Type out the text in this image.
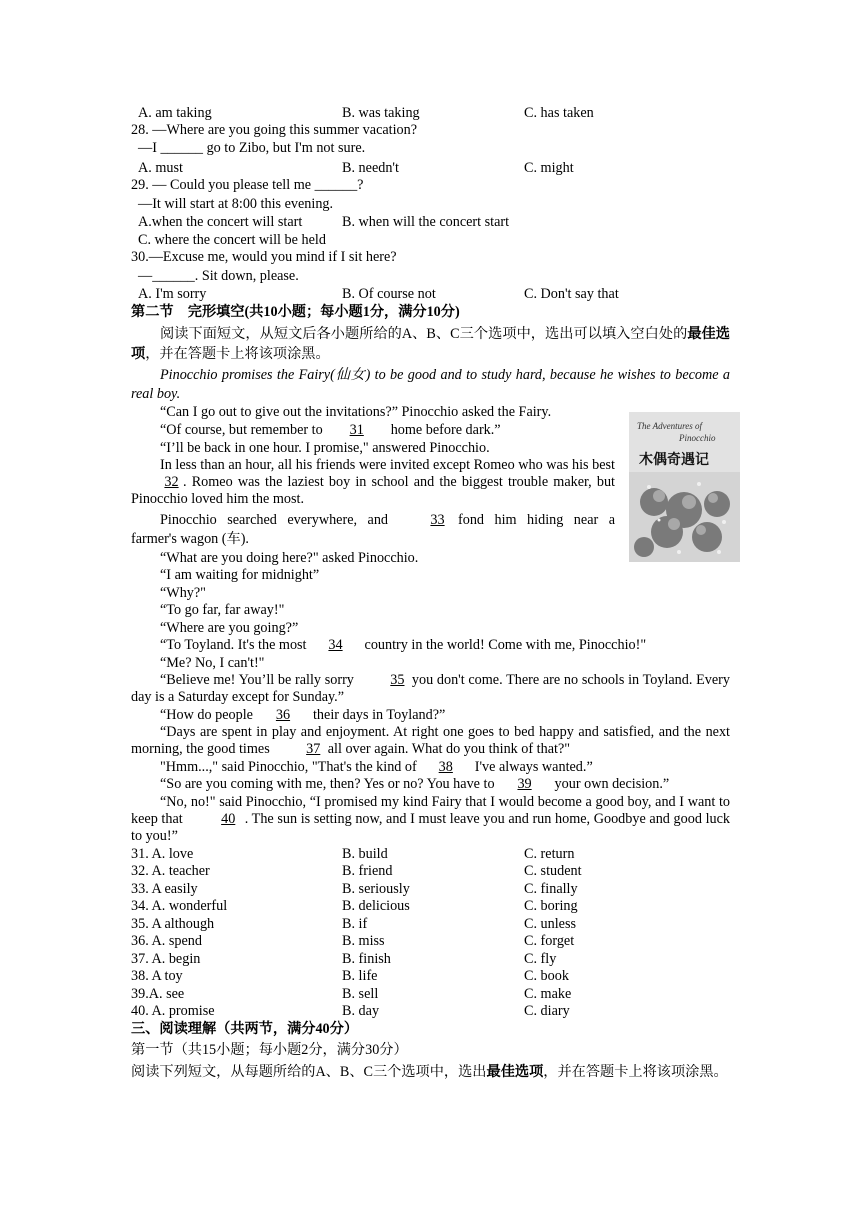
A. am taking	B. was taking	C. has taken
28. —Where are you going this summer vacation?
—I ______ go to Zibo, but I'm not sure.
A. must	B. needn't	C. might
29. — Could you please tell me ______?
—It will start at 8:00 this evening.
A.when the concert will start	B. when will the concert start
C. where the concert will be held
30.—Excuse me, would you mind if I sit here?
—______. Sit down, please.
A. I'm sorry	B. Of course not	C. Don't say that
第二节　完形填空(共10小题；每小题1分，满分10分)
阅读下面短文，从短文后各小题所给的A、B、C三个选项中，选出可以填入空白处的最佳选项，并在答题卡上将该项涂黑。
Pinocchio promises the Fairy(仙女) to be good and to study hard, because he wishes to become a real boy.
“Can I go out to give out the invitations?” Pinocchio asked the Fairy.
“Of course, but remember to 31 home before dark.”
“I’ll be back in one hour. I promise," answered Pinocchio.
In less than an hour, all his friends were invited except Romeo who was his best32 . Romeo was the laziest boy in school and the biggest trouble maker, but Pinocchio loved him the most.
Pinocchio searched everywhere, and	33 fond him hiding near a farmer's wagon (车).
The Adventures of
Pinocchio
木偶奇遇记
“What are you doing here?" asked Pinocchio.
“I am waiting for midnight”
“Why?"
“To go far, far away!"
“Where are you going?”
“To Toyland. It's the most 34 country in the world! Come with me, Pinocchio!"
“Me? No, I can't!"
“Believe me! You’ll be rally sorry	35 you don't come. There are no schools in Toyland. Every day is a Saturday except for Sunday.”
“How do people 36 their days in Toyland?”
“Days are spent in play and enjoyment. At right one goes to bed happy and satisfied, and the next morning, the good times	37 all over again. What do you think of that?"
"Hmm...," said Pinocchio, "That's the kind of 38 I've always wanted.”
“So are you coming with me, then? Yes or no? You have to 39 your own decision.”
“No, no!" said Pinocchio, “I promised my kind Fairy that I would become a good boy, and I want to keep that	40 . The sun is setting now, and I must leave you and run home, Goodbye and good luck to you!”
31. A. love	B. build	C. return
32. A. teacher	B. friend	C. student
33. A easily	B. seriously	C. finally
34. A. wonderful	B. delicious	C. boring
35. A although	B. if	C. unless
36. A. spend	B. miss	C. forget
37. A. begin	B. finish	C. fly
38. A toy	B. life	C. book
39.A. see	B. sell	C. make
40. A. promise	B. day	C. diary
三、阅读理解（共两节，满分40分）
第一节（共15小题；每小题2分，满分30分）
阅读下列短文，从每题所给的A、B、C三个选项中，选出最佳选项，并在答题卡上将该项涂黑。
